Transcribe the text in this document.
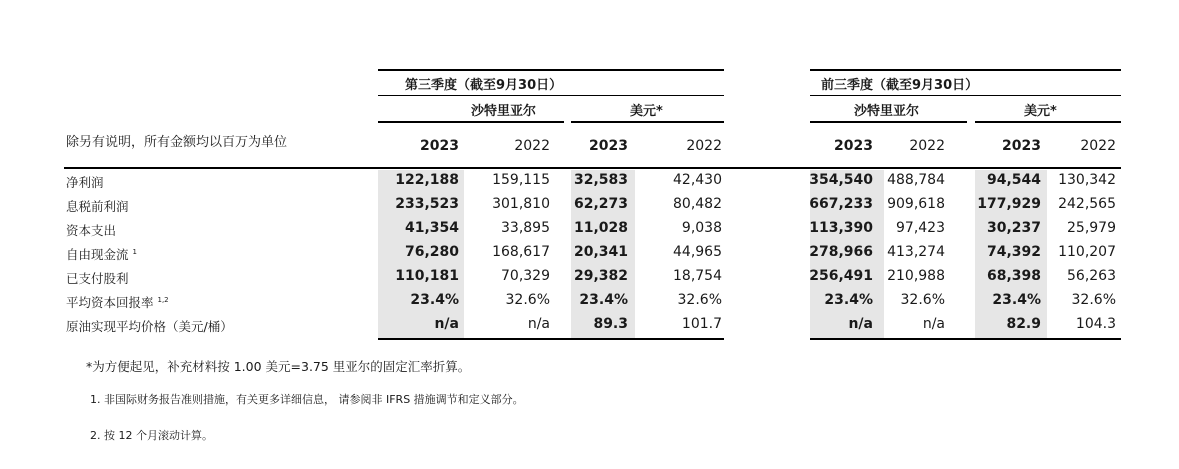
第三季度（截至9月30日）	前三季度（截至9月30日）
沙特里亚尔	美元*	沙特里亚尔	美元*
除另有说明，所有金额均以百万为单位	2023	2022	2023	2022	2023	2022	2023	2022
净利润	122,188 159,115 32,583	42,430	354,540 488,784	94,544 130,342
息税前利润	233,523 301,810 62,273	80,482	667,233 909,618 177,929 242,565
资本支出	41,354	33,895 11,028	9,038	113,390 97,423	30,237 25,979
自由现金流 $^1$	76,280 168,617 20,341	44,965	278,966 413,274	74,392 110,207
已支付股利	110,181	70,329 29,382	18,754	256,491 210,988	68,398 56,263
平均资本回报率 $^{1,2}$	23.4%	32.6% 23.4%	32.6%	23.4% 32.6%	23.4% 32.6%
原油实现平均价格（美元/桶）	n/a	n/a	89.3	101.7	n/a	n/a	82.9 104.3
*为方便起见，补充材料按 1.00 美元=3.75 里亚尔的固定汇率折算。
1. 非国际财务报告准则措施，有关更多详细信息， 请参阅非 IFRS 措施调节和定义部分。
2. 按 12 个月滚动计算。
